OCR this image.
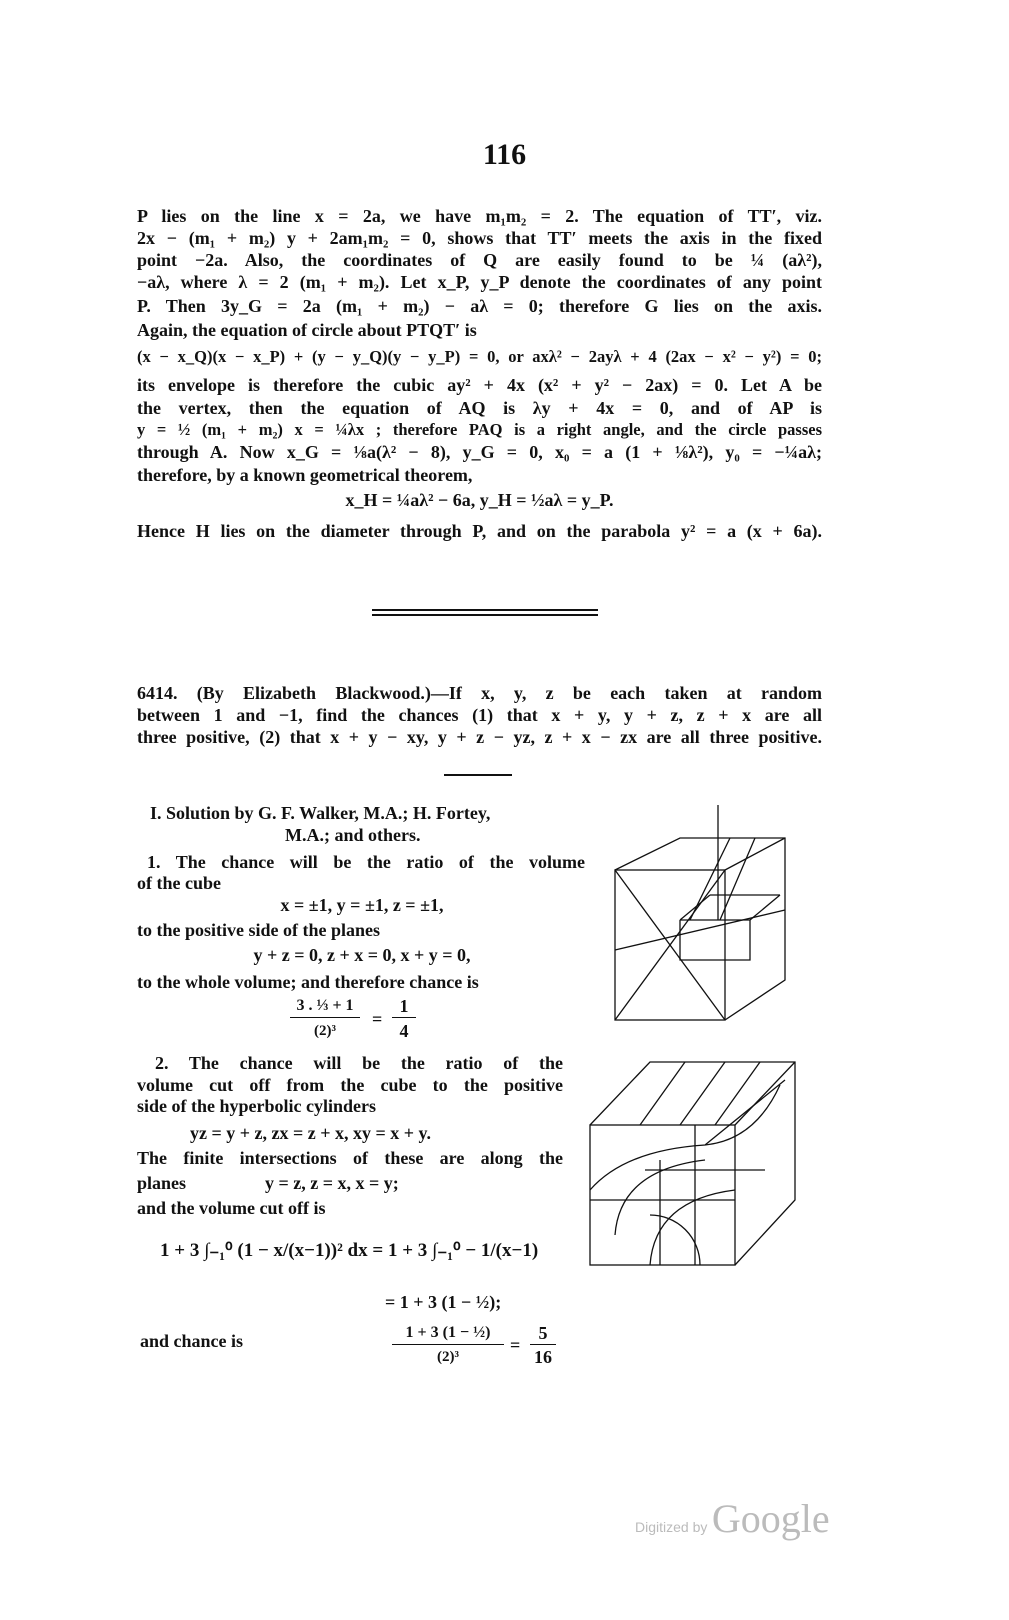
116
P lies on the line x = 2a, we have m₁m₂ = 2. The equation of TT′, viz.
2x − (m₁ + m₂) y + 2am₁m₂ = 0, shows that TT′ meets the axis in the fixed
point −2a. Also, the coordinates of Q are easily found to be ¼ (aλ²),
−aλ, where λ = 2 (m₁ + m₂). Let x_P, y_P denote the coordinates of any point
P. Then 3y_G = 2a (m₁ + m₂) − aλ = 0; therefore G lies on the axis.
Again, the equation of circle about PTQT′ is
(x − x_Q)(x − x_P) + (y − y_Q)(y − y_P) = 0, or axλ² − 2ayλ + 4 (2ax − x² − y²) = 0;
its envelope is therefore the cubic ay² + 4x (x² + y² − 2ax) = 0. Let A be
the vertex, then the equation of AQ is λy + 4x = 0, and of AP is
y = ½ (m₁ + m₂) x = ¼λx ; therefore PAQ is a right angle, and the circle passes
through A. Now x_G = ⅛a(λ² − 8), y_G = 0, x₀ = a (1 + ⅛λ²), y₀ = −¼aλ;
therefore, by a known geometrical theorem,
x_H = ¼aλ² − 6a, y_H = ½aλ = y_P.
Hence H lies on the diameter through P, and on the parabola y² = a (x + 6a).
6414. (By Elizabeth Blackwood.)—If x, y, z be each taken at random
between 1 and −1, find the chances (1) that x + y, y + z, z + x are all
three positive, (2) that x + y − xy, y + z − yz, z + x − zx are all three positive.
I. Solution by G. F. Walker, M.A.; H. Fortey,
M.A.; and others.
1. The chance will be the ratio of the volume
of the cube
x = ±1, y = ±1, z = ±1,
to the positive side of the planes
y + z = 0, z + x = 0, x + y = 0,
to the whole volume; and therefore chance is
3 . ⅓ + 1
(2)³
=
1
4
2. The chance will be the ratio of the
volume cut off from the cube to the positive
side of the hyperbolic cylinders
yz = y + z, zx = z + x, xy = x + y.
The finite intersections of these are along the
planes	y = z, z = x, x = y;
and the volume cut off is
1 + 3 ∫₋₁⁰ (1 − x/(x−1))² dx = 1 + 3 ∫₋₁⁰ − 1/(x−1)
= 1 + 3 (1 − ½);
and chance is	1 + 3 (1 − ½)
(2)³
=
5
16
Digitized by Google
